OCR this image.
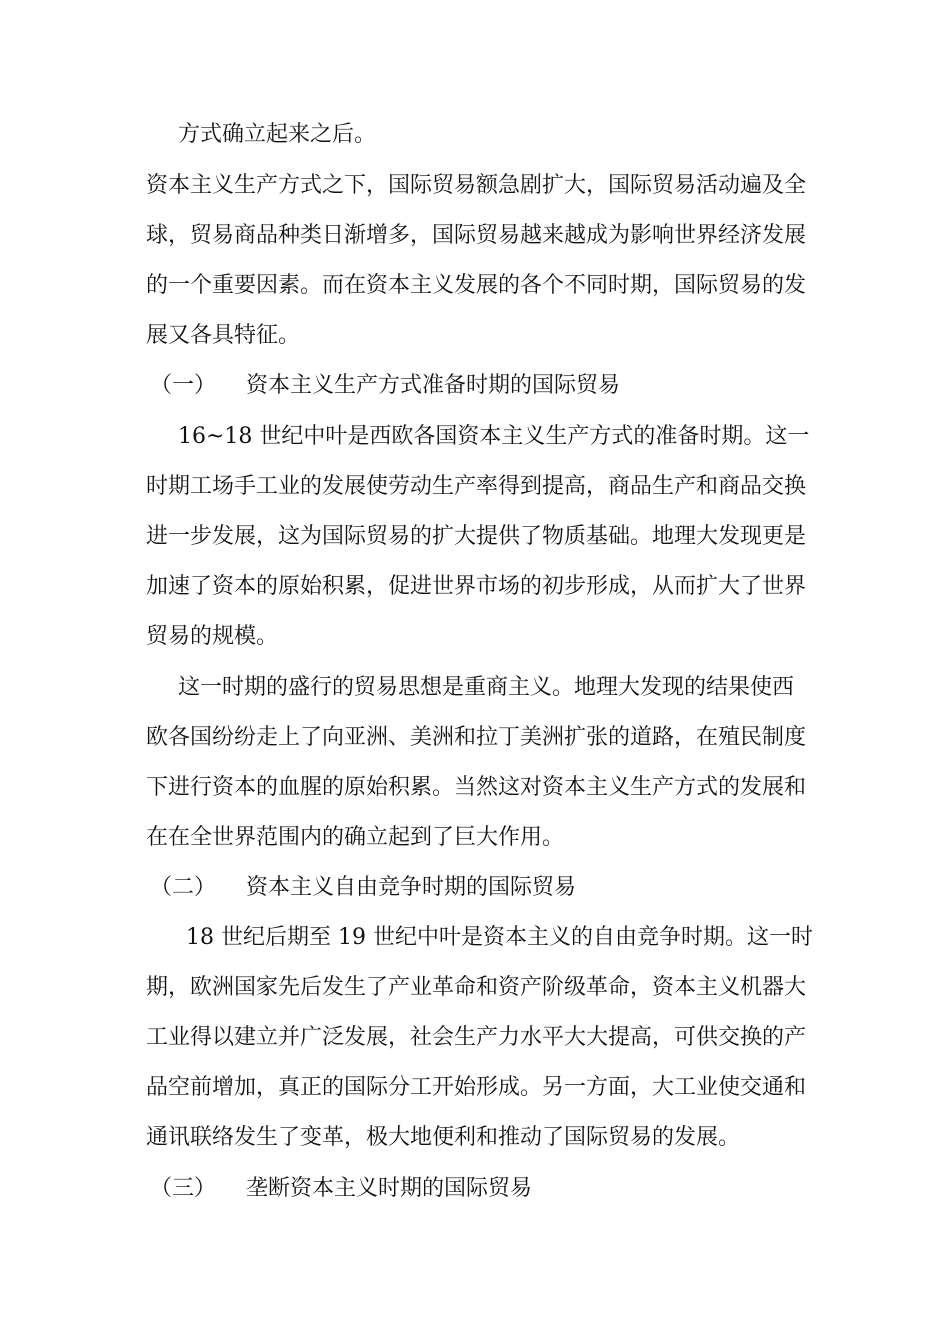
方式确立起来之后。
资本主义生产方式之下，国际贸易额急剧扩大，国际贸易活动遍及全
球，贸易商品种类日渐增多，国际贸易越来越成为影响世界经济发展
的一个重要因素。而在资本主义发展的各个不同时期，国际贸易的发
展又各具特征。
（一） 资本主义生产方式准备时期的国际贸易
16~18 世纪中叶是西欧各国资本主义生产方式的准备时期。这一
时期工场手工业的发展使劳动生产率得到提高，商品生产和商品交换
进一步发展，这为国际贸易的扩大提供了物质基础。地理大发现更是
加速了资本的原始积累，促进世界市场的初步形成，从而扩大了世界
贸易的规模。
这一时期的盛行的贸易思想是重商主义。地理大发现的结果使西
欧各国纷纷走上了向亚洲、美洲和拉丁美洲扩张的道路，在殖民制度
下进行资本的血腥的原始积累。当然这对资本主义生产方式的发展和
在在全世界范围内的确立起到了巨大作用。
（二） 资本主义自由竞争时期的国际贸易
18 世纪后期至 19 世纪中叶是资本主义的自由竞争时期。这一时
期，欧洲国家先后发生了产业革命和资产阶级革命，资本主义机器大
工业得以建立并广泛发展，社会生产力水平大大提高，可供交换的产
品空前增加，真正的国际分工开始形成。另一方面，大工业使交通和
通讯联络发生了变革，极大地便利和推动了国际贸易的发展。
（三） 垄断资本主义时期的国际贸易
